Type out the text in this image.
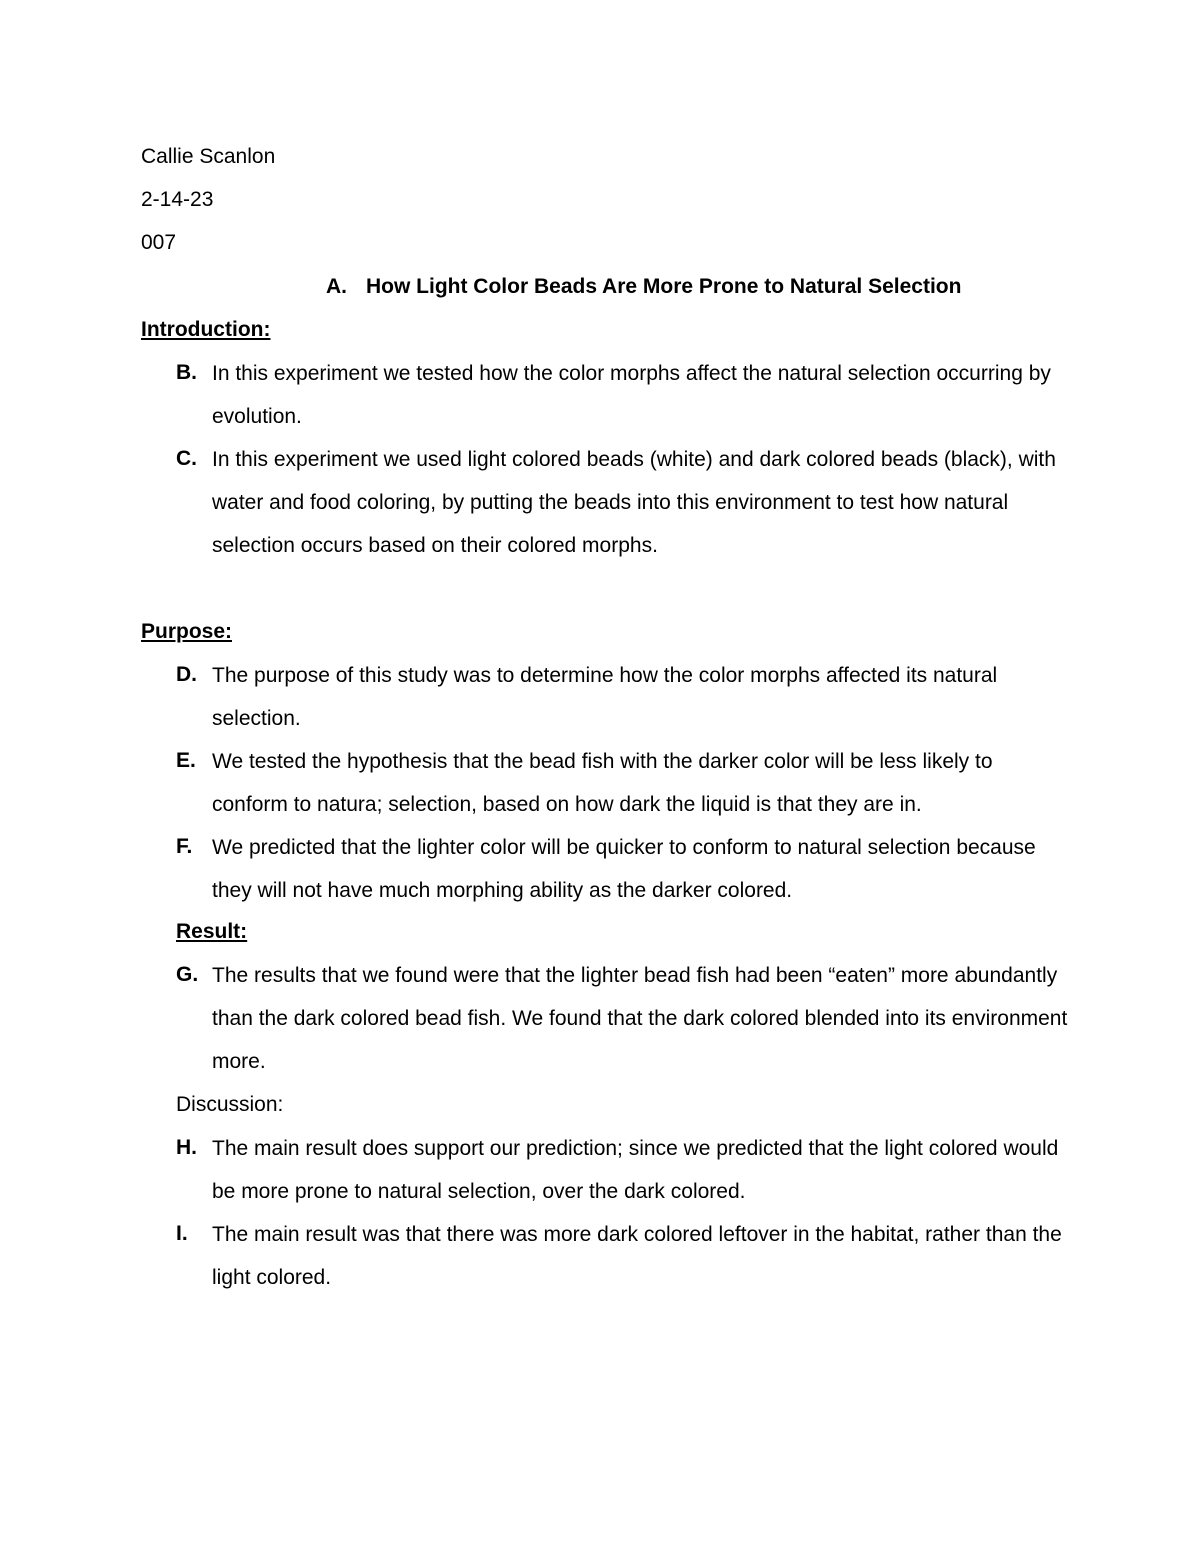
Callie Scanlon
2-14-23
007
A. How Light Color Beads Are More Prone to Natural Selection
Introduction:
B. In this experiment we tested how the color morphs affect the natural selection occurring by evolution.
C. In this experiment we used light colored beads (white) and dark colored beads (black), with water and food coloring, by putting the beads into this environment to test how natural selection occurs based on their colored morphs.
Purpose:
D. The purpose of this study was to determine how the color morphs affected its natural selection.
E. We tested the hypothesis that the bead fish with the darker color will be less likely to conform to natura; selection, based on how dark the liquid is that they are in.
F. We predicted that the lighter color will be quicker to conform to natural selection because they will not have much morphing ability as the darker colored.
Result:
G. The results that we found were that the lighter bead fish had been “eaten” more abundantly than the dark colored bead fish. We found that the dark colored blended into its environment more.
Discussion:
H. The main result does support our prediction; since we predicted that the light colored would be more prone to natural selection, over the dark colored.
I. The main result was that there was more dark colored leftover in the habitat, rather than the light colored.
